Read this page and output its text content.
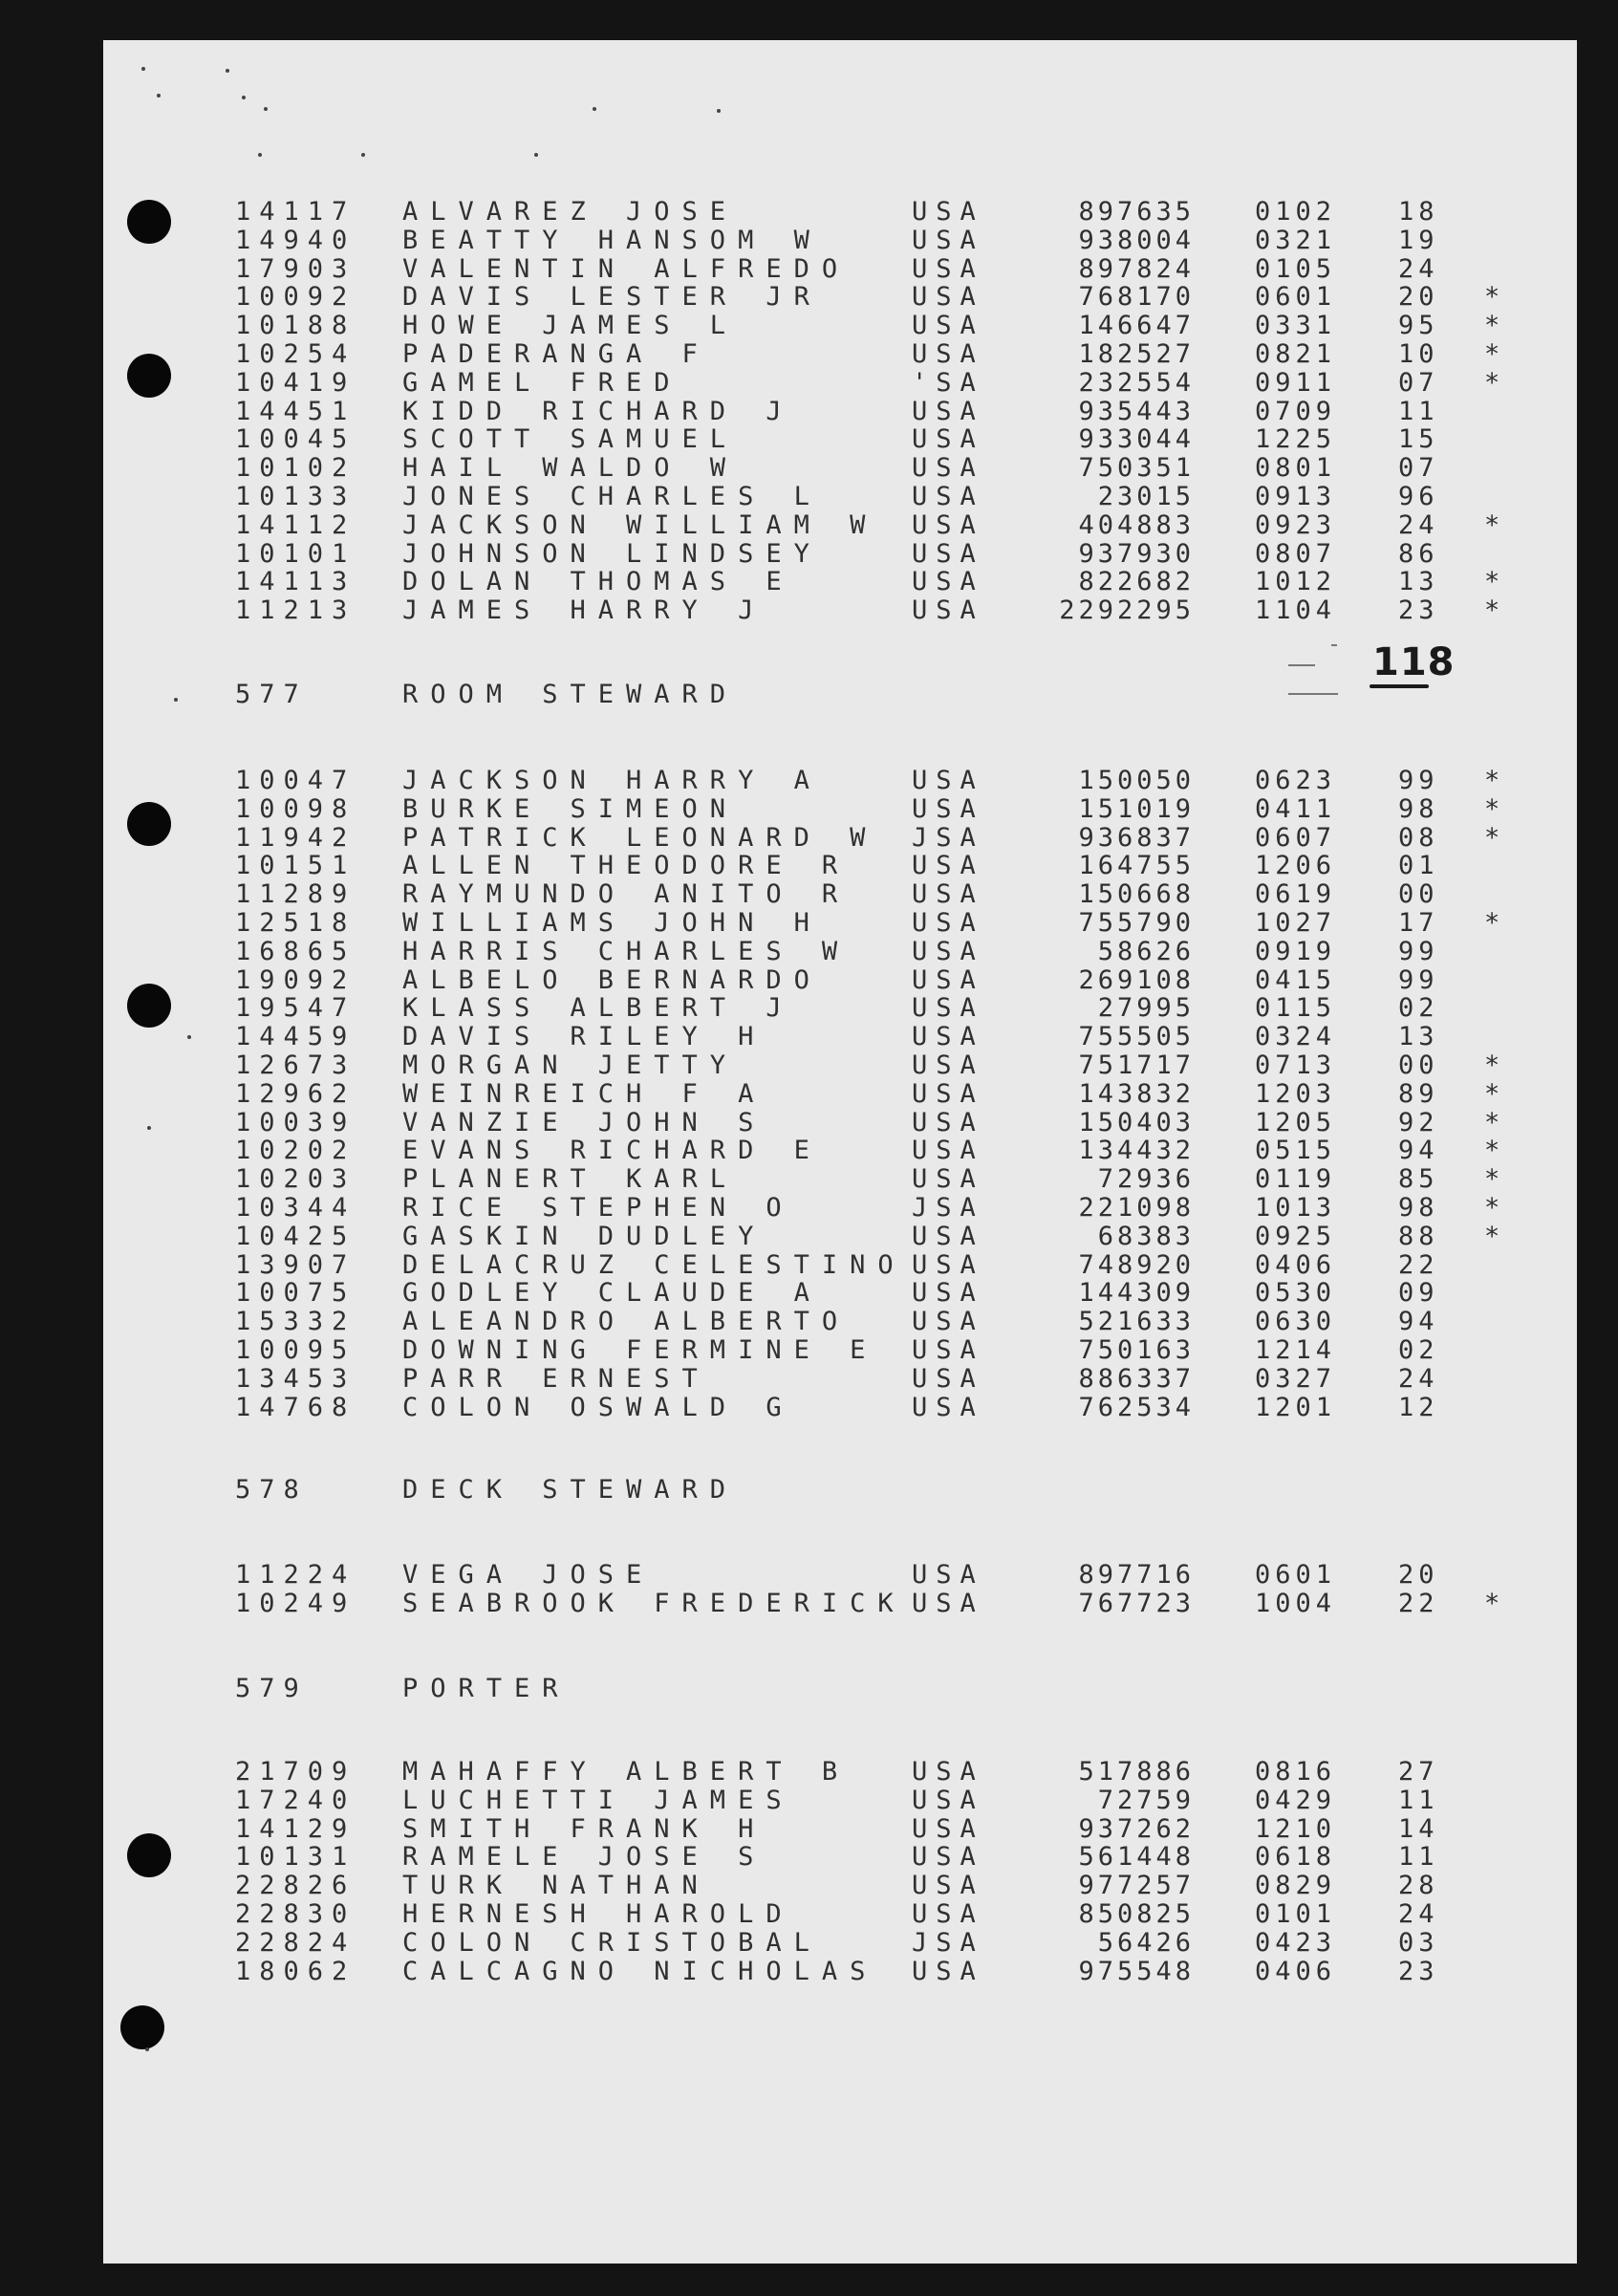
118
14117 ALVAREZ JOSE	USA	897635 0102 18
14940 BEATTY HANSOM W	USA	938004 0321 19
17903 VALENTIN ALFREDO USA	897824 0105 24
10092 DAVIS LESTER JR	USA	768170 0601 20 *
10188 HOWE JAMES L	USA	146647 0331 95 *
10254 PADERANGA F	USA	182527 0821 10 *
10419 GAMEL FRED	'SA	232554 0911 07 *
14451 KIDD RICHARD J	USA	935443 0709 11
10045 SCOTT SAMUEL	USA	933044 1225 15
10102 HAIL WALDO W	USA	750351 0801 07
10133 JONES CHARLES L	USA	23015 0913 96
14112 JACKSON WILLIAM W USA	404883 0923 24 *
10101 JOHNSON LINDSEY	USA	937930 0807 86
14113 DOLAN THOMAS E	USA	822682 1012 13 *
11213 JAMES HARRY J	USA	2292295 1104 23 *
577	ROOM STEWARD
10047 JACKSON HARRY A	USA	150050 0623 99 *
10098 BURKE SIMEON	USA	151019 0411 98 *
11942 PATRICK LEONARD W JSA	936837 0607 08 *
10151 ALLEN THEODORE R USA	164755 1206 01
11289 RAYMUNDO ANITO R USA	150668 0619 00
12518 WILLIAMS JOHN H	USA	755790 1027 17 *
16865 HARRIS CHARLES W USA	58626 0919 99
19092 ALBELO BERNARDO	USA	269108 0415 99
19547 KLASS ALBERT J	USA	27995 0115 02
14459 DAVIS RILEY H	USA	755505 0324 13
12673 MORGAN JETTY	USA	751717 0713 00 *
12962 WEINREICH F A	USA	143832 1203 89 *
10039 VANZIE JOHN S	USA	150403 1205 92 *
10202 EVANS RICHARD E	USA	134432 0515 94 *
10203 PLANERT KARL	USA	72936 0119 85 *
10344 RICE STEPHEN O	JSA	221098 1013 98 *
10425 GASKIN DUDLEY	USA	68383 0925 88 *
13907 DELACRUZ CELESTINO USA	748920 0406 22
10075 GODLEY CLAUDE A	USA	144309 0530 09
15332 ALEANDRO ALBERTO USA	521633 0630 94
10095 DOWNING FERMINE E USA	750163 1214 02
13453 PARR ERNEST	USA	886337 0327 24
14768 COLON OSWALD G	USA	762534 1201 12
578	DECK STEWARD
11224 VEGA JOSE	USA	897716 0601 20
10249 SEABROOK FREDERICK USA	767723 1004 22 *
579	PORTER
21709 MAHAFFY ALBERT B USA	517886 0816 27
17240 LUCHETTI JAMES	USA	72759 0429 11
14129 SMITH FRANK H	USA	937262 1210 14
10131 RAMELE JOSE S	USA	561448 0618 11
22826 TURK NATHAN	USA	977257 0829 28
22830 HERNESH HAROLD	USA	850825 0101 24
22824 COLON CRISTOBAL	JSA	56426 0423 03
18062 CALCAGNO NICHOLAS USA	975548 0406 23
